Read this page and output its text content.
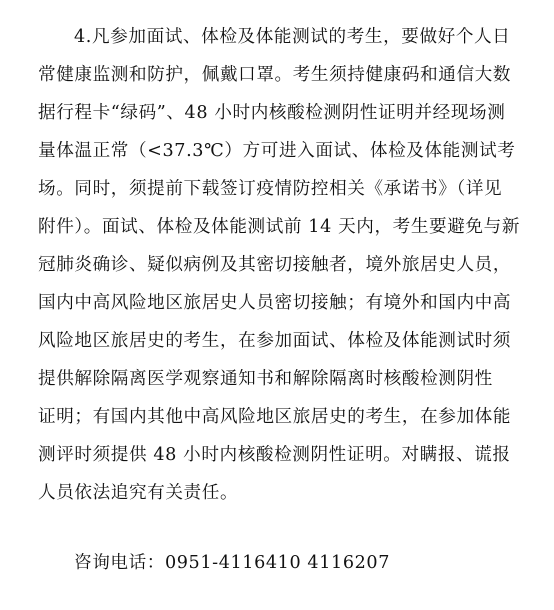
4.凡参加面试、体检及体能测试的考生，要做好个人日
常健康监测和防护，佩戴口罩。考生须持健康码和通信大数
据行程卡“绿码”、48 小时内核酸检测阴性证明并经现场测
量体温正常（<37.3℃）方可进入面试、体检及体能测试考
场。同时，须提前下载签订疫情防控相关《承诺书》（详见
附件）。面试、体检及体能测试前 14 天内，考生要避免与新
冠肺炎确诊、疑似病例及其密切接触者，境外旅居史人员，
国内中高风险地区旅居史人员密切接触；有境外和国内中高
风险地区旅居史的考生，在参加面试、体检及体能测试时须
提供解除隔离医学观察通知书和解除隔离时核酸检测阴性
证明；有国内其他中高风险地区旅居史的考生，在参加体能
测评时须提供 48 小时内核酸检测阴性证明。对瞒报、谎报
人员依法追究有关责任。
咨询电话：0951-4116410 4116207
